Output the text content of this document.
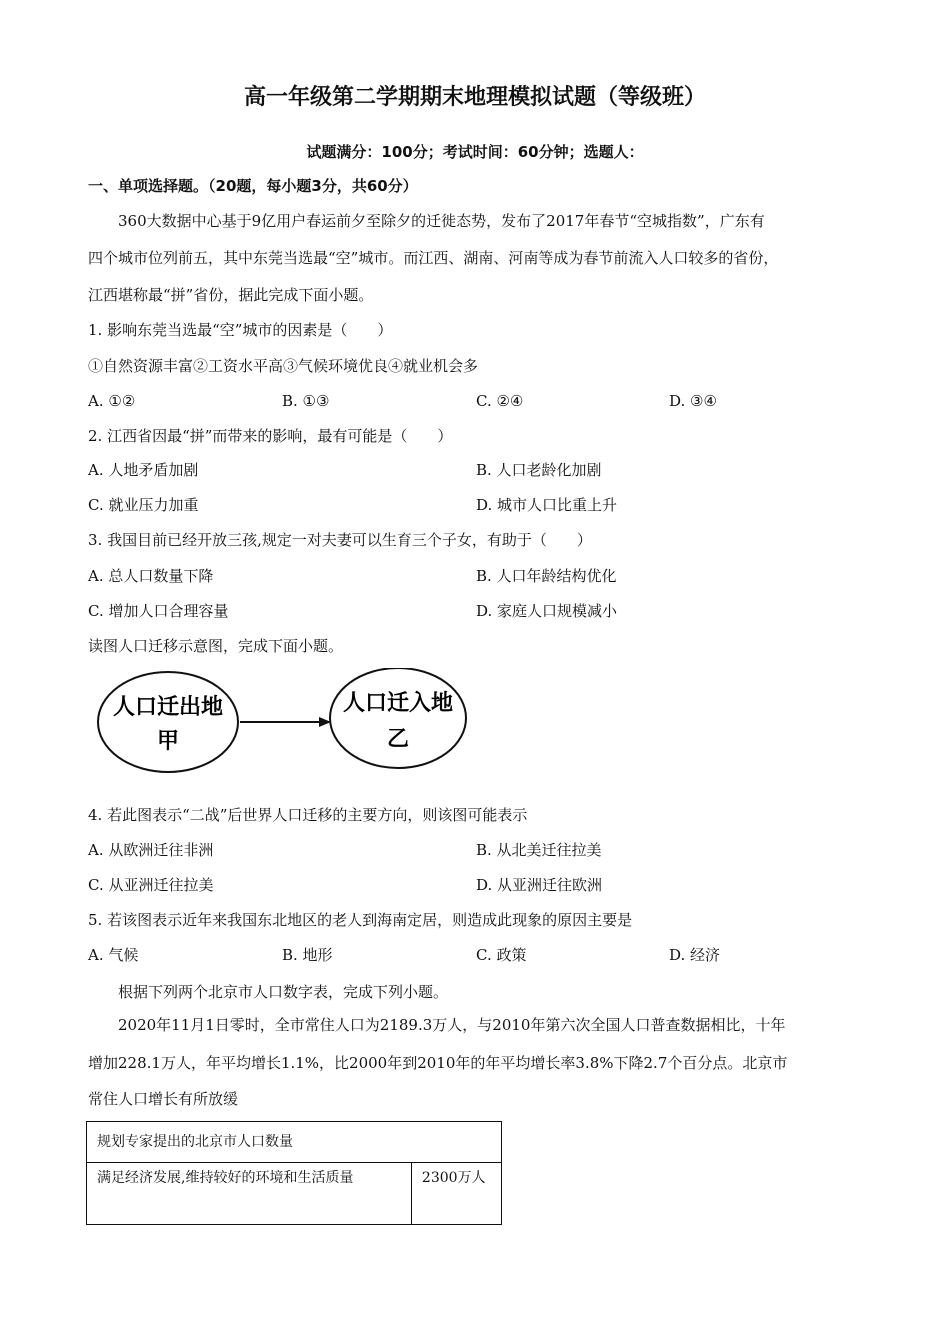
高一年级第二学期期末地理模拟试题（等级班）
试题满分：100分；考试时间：60分钟；选题人：
一、单项选择题。（20题，每小题3分，共60分）
360大数据中心基于9亿用户春运前夕至除夕的迁徙态势，发布了2017年春节“空城指数”，广东有
四个城市位列前五，其中东莞当选最“空”城市。而江西、湖南、河南等成为春节前流入人口较多的省份，
江西堪称最“拼”省份，据此完成下面小题。
1. 影响东莞当选最“空”城市的因素是（　　）
①自然资源丰富②工资水平高③气候环境优良④就业机会多
A. ①②	B. ①③	C. ②④	D. ③④
2. 江西省因最“拼”而带来的影响，最有可能是（　　）
A. 人地矛盾加剧	B. 人口老龄化加剧
C. 就业压力加重	D. 城市人口比重上升
3. 我国目前已经开放三孩,规定一对夫妻可以生育三个子女，有助于（　　）
A. 总人口数量下降	B. 人口年龄结构优化
C. 增加人口合理容量	D. 家庭人口规模减小
读图人口迁移示意图，完成下面小题。
人口迁出地
甲
人口迁入地
乙
4. 若此图表示“二战”后世界人口迁移的主要方向，则该图可能表示
A. 从欧洲迁往非洲	B. 从北美迁往拉美
C. 从亚洲迁往拉美	D. 从亚洲迁往欧洲
5. 若该图表示近年来我国东北地区的老人到海南定居，则造成此现象的原因主要是
A. 气候	B. 地形	C. 政策	D. 经济
根据下列两个北京市人口数字表，完成下列小题。
2020年11月1日零时，全市常住人口为2189.3万人，与2010年第六次全国人口普查数据相比，十年
增加228.1万人，年平均增长1.1%，比2000年到2010年的年平均增长率3.8%下降2.7个百分点。北京市
常住人口增长有所放缓
规划专家提出的北京市人口数量
满足经济发展,维持较好的环境和生活质量	2300万人
